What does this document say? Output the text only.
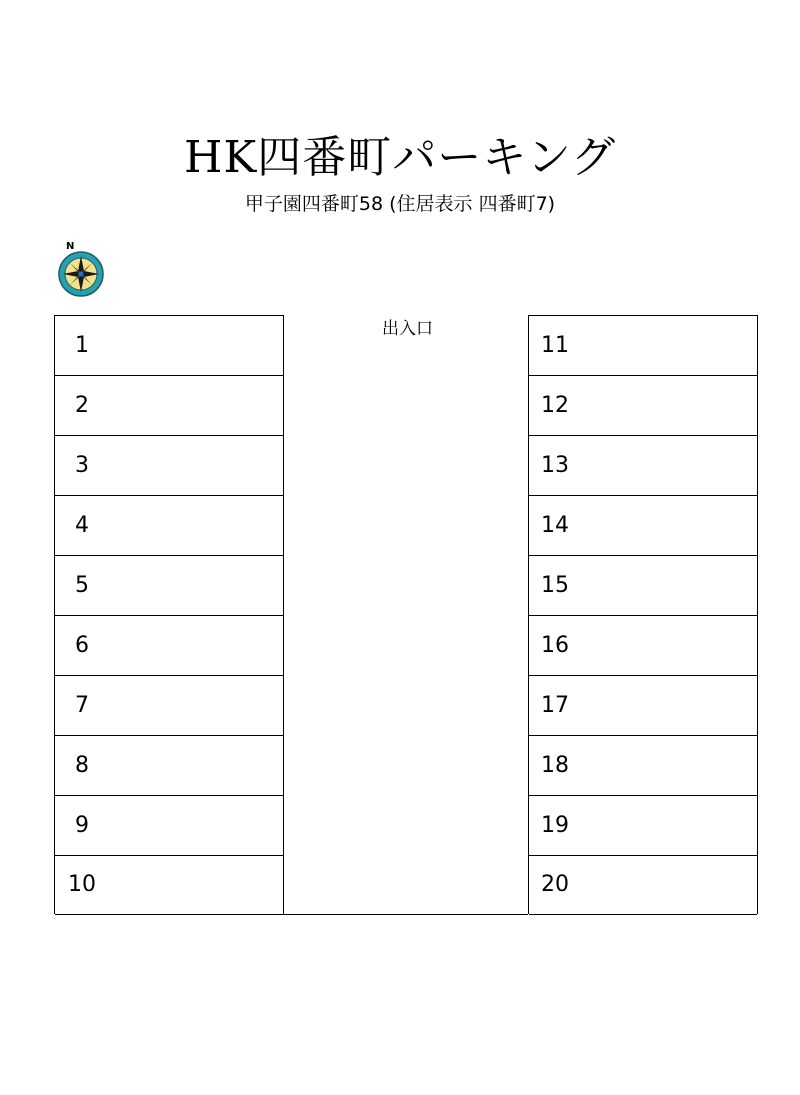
HK四番町パーキング
甲子園四番町58 (住居表示 四番町7)
N
1
2
3
4
5
6
7
8
9
10
出入口
11
12
13
14
15
16
17
18
19
20
